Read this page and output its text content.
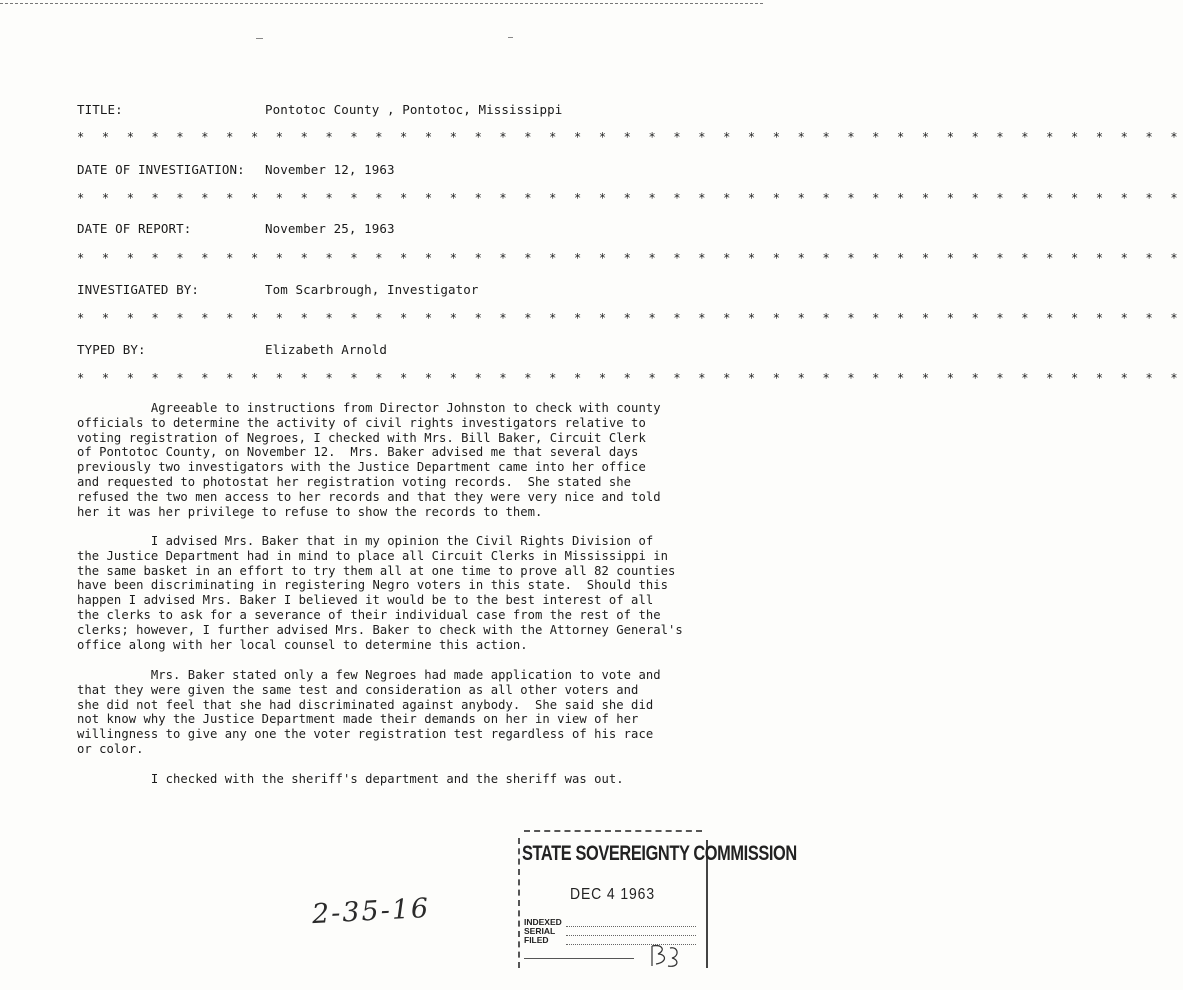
TITLE:	Pontotoc County , Pontotoc, Mississippi
* * * * * * * * * * * * * * * * * * * * * * * * * * * * * * * * * * * * * * * * * * * * *
DATE OF INVESTIGATION: November 12, 1963
* * * * * * * * * * * * * * * * * * * * * * * * * * * * * * * * * * * * * * * * * * * * *
DATE OF REPORT:	November 25, 1963
* * * * * * * * * * * * * * * * * * * * * * * * * * * * * * * * * * * * * * * * * * * * *
INVESTIGATED BY:	Tom Scarbrough, Investigator
* * * * * * * * * * * * * * * * * * * * * * * * * * * * * * * * * * * * * * * * * * * * *
TYPED BY:	Elizabeth Arnold
* * * * * * * * * * * * * * * * * * * * * * * * * * * * * * * * * * * * * * * * * * * * *
Agreeable to instructions from Director Johnston to check with county
officials to determine the activity of civil rights investigators relative to
voting registration of Negroes, I checked with Mrs. Bill Baker, Circuit Clerk
of Pontotoc County, on November 12.  Mrs. Baker advised me that several days
previously two investigators with the Justice Department came into her office
and requested to photostat her registration voting records.  She stated she
refused the two men access to her records and that they were very nice and told
her it was her privilege to refuse to show the records to them.
I advised Mrs. Baker that in my opinion the Civil Rights Division of
the Justice Department had in mind to place all Circuit Clerks in Mississippi in
the same basket in an effort to try them all at one time to prove all 82 counties
have been discriminating in registering Negro voters in this state.  Should this
happen I advised Mrs. Baker I believed it would be to the best interest of all
the clerks to ask for a severance of their individual case from the rest of the
clerks; however, I further advised Mrs. Baker to check with the Attorney General's
office along with her local counsel to determine this action.
Mrs. Baker stated only a few Negroes had made application to vote and
that they were given the same test and consideration as all other voters and
she did not feel that she had discriminated against anybody.  She said she did
not know why the Justice Department made their demands on her in view of her
willingness to give any one the voter registration test regardless of his race
or color.
I checked with the sheriff's department and the sheriff was out.
2-35-16
STATE SOVEREIGNTY COMMISSION
DEC 4 1963
INDEXED
SERIAL
FILED
